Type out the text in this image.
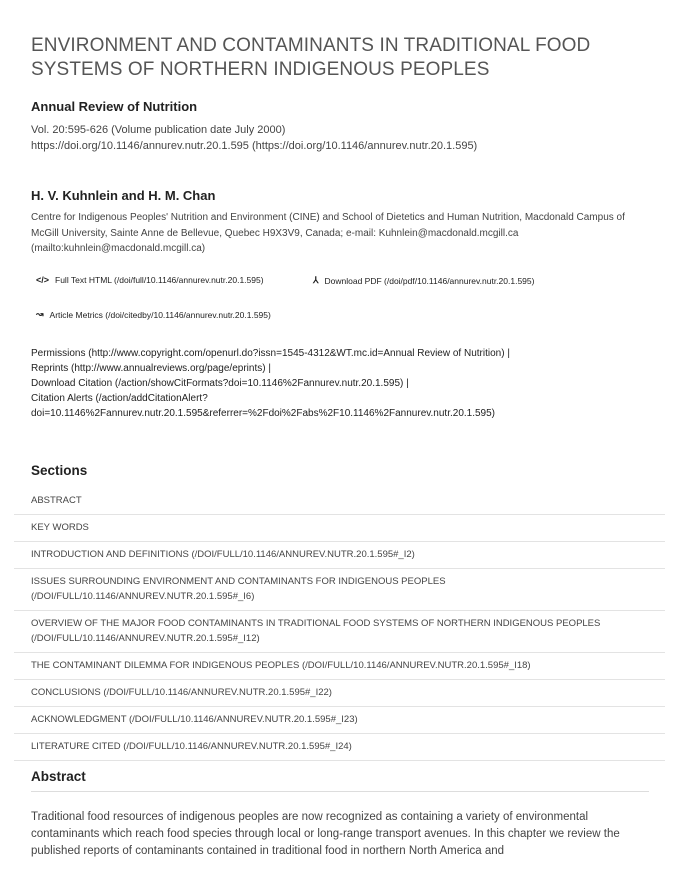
ENVIRONMENT AND CONTAMINANTS IN TRADITIONAL FOOD SYSTEMS OF NORTHERN INDIGENOUS PEOPLES
Annual Review of Nutrition
Vol. 20:595-626 (Volume publication date July 2000)
https://doi.org/10.1146/annurev.nutr.20.1.595 (https://doi.org/10.1146/annurev.nutr.20.1.595)
H. V. Kuhnlein and H. M. Chan
Centre for Indigenous Peoples' Nutrition and Environment (CINE) and School of Dietetics and Human Nutrition, Macdonald Campus of McGill University, Sainte Anne de Bellevue, Quebec H9X3V9, Canada; e-mail: Kuhnlein@macdonald.mcgill.ca (mailto:kuhnlein@macdonald.mcgill.ca)
</> Full Text HTML (/doi/full/10.1146/annurev.nutr.20.1.595)	⅄ Download PDF (/doi/pdf/10.1146/annurev.nutr.20.1.595)
↝ Article Metrics (/doi/citedby/10.1146/annurev.nutr.20.1.595)
Permissions (http://www.copyright.com/openurl.do?issn=1545-4312&WT.mc.id=Annual Review of Nutrition) |
Reprints (http://www.annualreviews.org/page/eprints) |
Download Citation (/action/showCitFormats?doi=10.1146%2Fannurev.nutr.20.1.595) |
Citation Alerts (/action/addCitationAlert?
doi=10.1146%2Fannurev.nutr.20.1.595&referrer=%2Fdoi%2Fabs%2F10.1146%2Fannurev.nutr.20.1.595)
Sections
ABSTRACT
KEY WORDS
INTRODUCTION AND DEFINITIONS (/DOI/FULL/10.1146/ANNUREV.NUTR.20.1.595#_I2)
ISSUES SURROUNDING ENVIRONMENT AND CONTAMINANTS FOR INDIGENOUS PEOPLES (/DOI/FULL/10.1146/ANNUREV.NUTR.20.1.595#_I6)
OVERVIEW OF THE MAJOR FOOD CONTAMINANTS IN TRADITIONAL FOOD SYSTEMS OF NORTHERN INDIGENOUS PEOPLES (/DOI/FULL/10.1146/ANNUREV.NUTR.20.1.595#_I12)
THE CONTAMINANT DILEMMA FOR INDIGENOUS PEOPLES (/DOI/FULL/10.1146/ANNUREV.NUTR.20.1.595#_I18)
CONCLUSIONS (/DOI/FULL/10.1146/ANNUREV.NUTR.20.1.595#_I22)
ACKNOWLEDGMENT (/DOI/FULL/10.1146/ANNUREV.NUTR.20.1.595#_I23)
LITERATURE CITED (/DOI/FULL/10.1146/ANNUREV.NUTR.20.1.595#_I24)
Abstract
Traditional food resources of indigenous peoples are now recognized as containing a variety of environmental contaminants which reach food species through local or long-range transport avenues. In this chapter we review the published reports of contaminants contained in traditional food in northern North America and
